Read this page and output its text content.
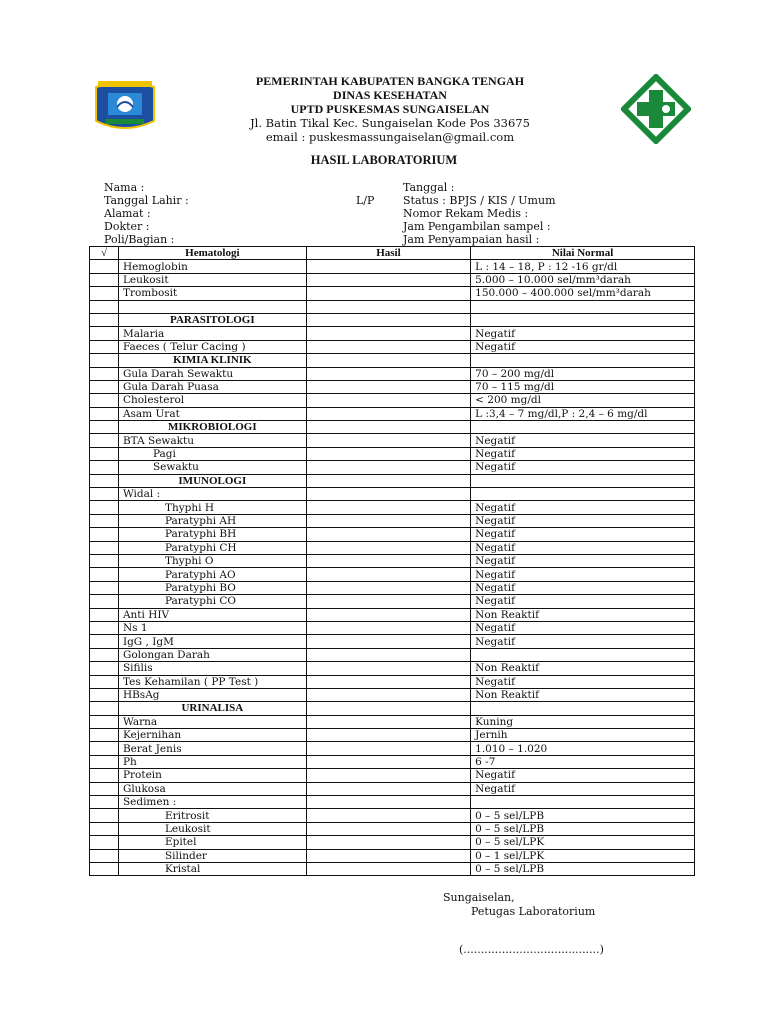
PEMERINTAH KABUPATEN BANGKA TENGAH
DINAS KESEHATAN
UPTD PUSKESMAS SUNGAISELAN
Jl. Batin Tikal Kec. Sungaiselan Kode Pos 33675
email : puskesmassungaiselan@gmail.com
HASIL LABORATORIUM
Nama :
Tanggal Lahir :
Alamat :
Dokter :
Poli/Bagian :
L/P
Tanggal :
Status : BPJS / KIS / Umum
Nomor Rekam Medis :
Jam Pengambilan sampel :
Jam Penyampaian hasil :
√	Hematologi	Hasil	Nilai Normal
	Hemoglobin		L : 14 – 18, P : 12 -16 gr/dl
	Leukosit		5.000 – 10.000 sel/mm³darah
	Trombosit		150.000 – 400.000 sel/mm³darah

	PARASITOLOGI		
	Malaria		Negatif
	Faeces ( Telur Cacing )		Negatif
	KIMIA KLINIK		
	Gula Darah Sewaktu		70 – 200 mg/dl
	Gula Darah Puasa		70 – 115 mg/dl
	Cholesterol		< 200 mg/dl
	Asam Urat		L :3,4 – 7 mg/dl,P : 2,4 – 6 mg/dl
	MIKROBIOLOGI		
	BTA Sewaktu		Negatif
	Pagi		Negatif
	Sewaktu		Negatif
	IMUNOLOGI		
	Widal :		
	Thyphi H		Negatif
	Paratyphi AH		Negatif
	Paratyphi BH		Negatif
	Paratyphi CH		Negatif
	Thyphi O		Negatif
	Paratyphi AO		Negatif
	Paratyphi BO		Negatif
	Paratyphi CO		Negatif
	Anti HIV		Non Reaktif
	Ns 1		Negatif
	IgG , IgM		Negatif
	Golongan Darah		
	Sifilis		Non Reaktif
	Tes Kehamilan ( PP Test )		Negatif
	HBsAg		Non Reaktif
	URINALISA		
	Warna		Kuning
	Kejernihan		Jernih
	Berat Jenis		1.010 – 1.020
	Ph		6 -7
	Protein		Negatif
	Glukosa		Negatif
	Sedimen :		
	Eritrosit		0 – 5 sel/LPB
	Leukosit		0 – 5 sel/LPB
	Epitel		0 – 5 sel/LPK
	Silinder		0 – 1 sel/LPK
	Kristal		0 – 5 sel/LPB
Sungaiselan,
Petugas Laboratorium
(.......................................)
